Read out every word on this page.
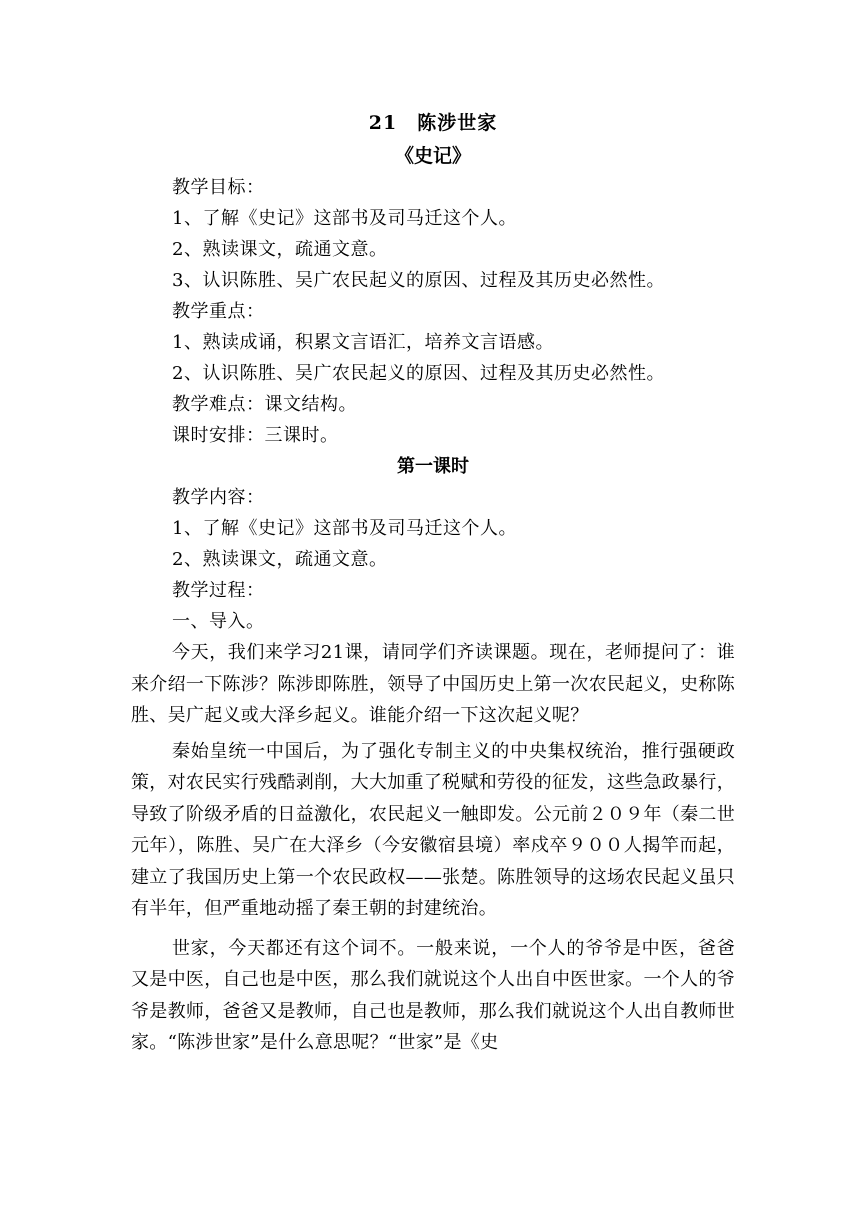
21　陈涉世家
《史记》
教学目标：
1、了解《史记》这部书及司马迁这个人。
2、熟读课文，疏通文意。
3、认识陈胜、吴广农民起义的原因、过程及其历史必然性。
教学重点：
1、熟读成诵，积累文言语汇，培养文言语感。
2、认识陈胜、吴广农民起义的原因、过程及其历史必然性。
教学难点：课文结构。
课时安排：三课时。
第一课时
教学内容：
1、了解《史记》这部书及司马迁这个人。
2、熟读课文，疏通文意。
教学过程：
一、导入。

今天，我们来学习21课，请同学们齐读课题。现在，老师提问了：谁来介绍一下陈涉？陈涉即陈胜，领导了中国历史上第一次农民起义，史称陈胜、吴广起义或大泽乡起义。谁能介绍一下这次起义呢？

秦始皇统一中国后，为了强化专制主义的中央集权统治，推行强硬政策，对农民实行残酷剥削，大大加重了税赋和劳役的征发，这些急政暴行，导致了阶级矛盾的日益激化，农民起义一触即发。公元前２０９年（秦二世元年），陈胜、吴广在大泽乡（今安徽宿县境）率戍卒９００人揭竿而起，建立了我国历史上第一个农民政权——张楚。陈胜领导的这场农民起义虽只有半年，但严重地动摇了秦王朝的封建统治。

世家，今天都还有这个词不。一般来说，一个人的爷爷是中医，爸爸又是中医，自己也是中医，那么我们就说这个人出自中医世家。一个人的爷爷是教师，爸爸又是教师，自己也是教师，那么我们就说这个人出自教师世家。“陈涉世家”是什么意思呢？“世家”是《史
